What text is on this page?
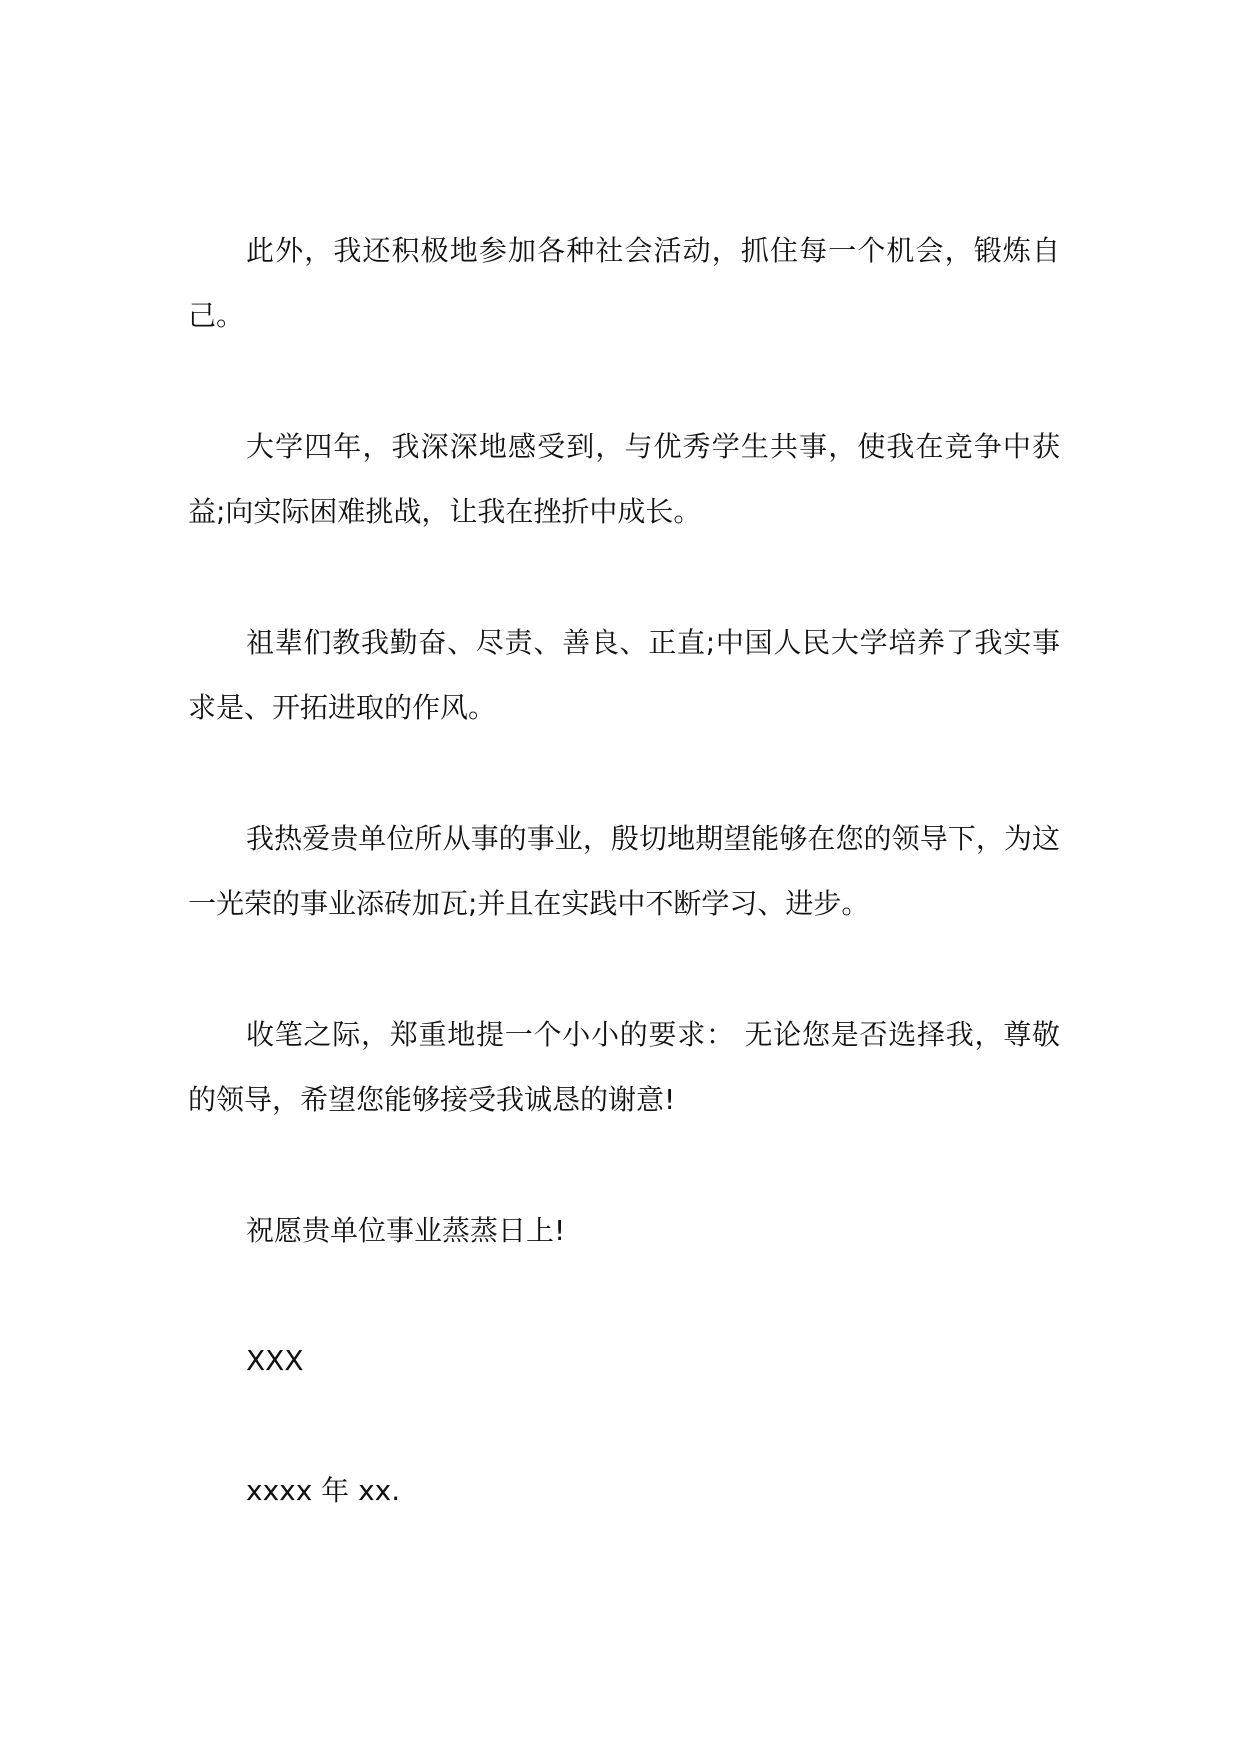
此外，我还积极地参加各种社会活动，抓住每一个机会，锻炼自己。

大学四年，我深深地感受到，与优秀学生共事，使我在竞争中获益;向实际困难挑战，让我在挫折中成长。

祖辈们教我勤奋、尽责、善良、正直;中国人民大学培养了我实事求是、开拓进取的作风。

我热爱贵单位所从事的事业，殷切地期望能够在您的领导下，为这一光荣的事业添砖加瓦;并且在实践中不断学习、进步。

收笔之际，郑重地提一个小小的要求： 无论您是否选择我，尊敬的领导，希望您能够接受我诚恳的谢意!

祝愿贵单位事业蒸蒸日上!

XXX

xxxx 年 xx.
